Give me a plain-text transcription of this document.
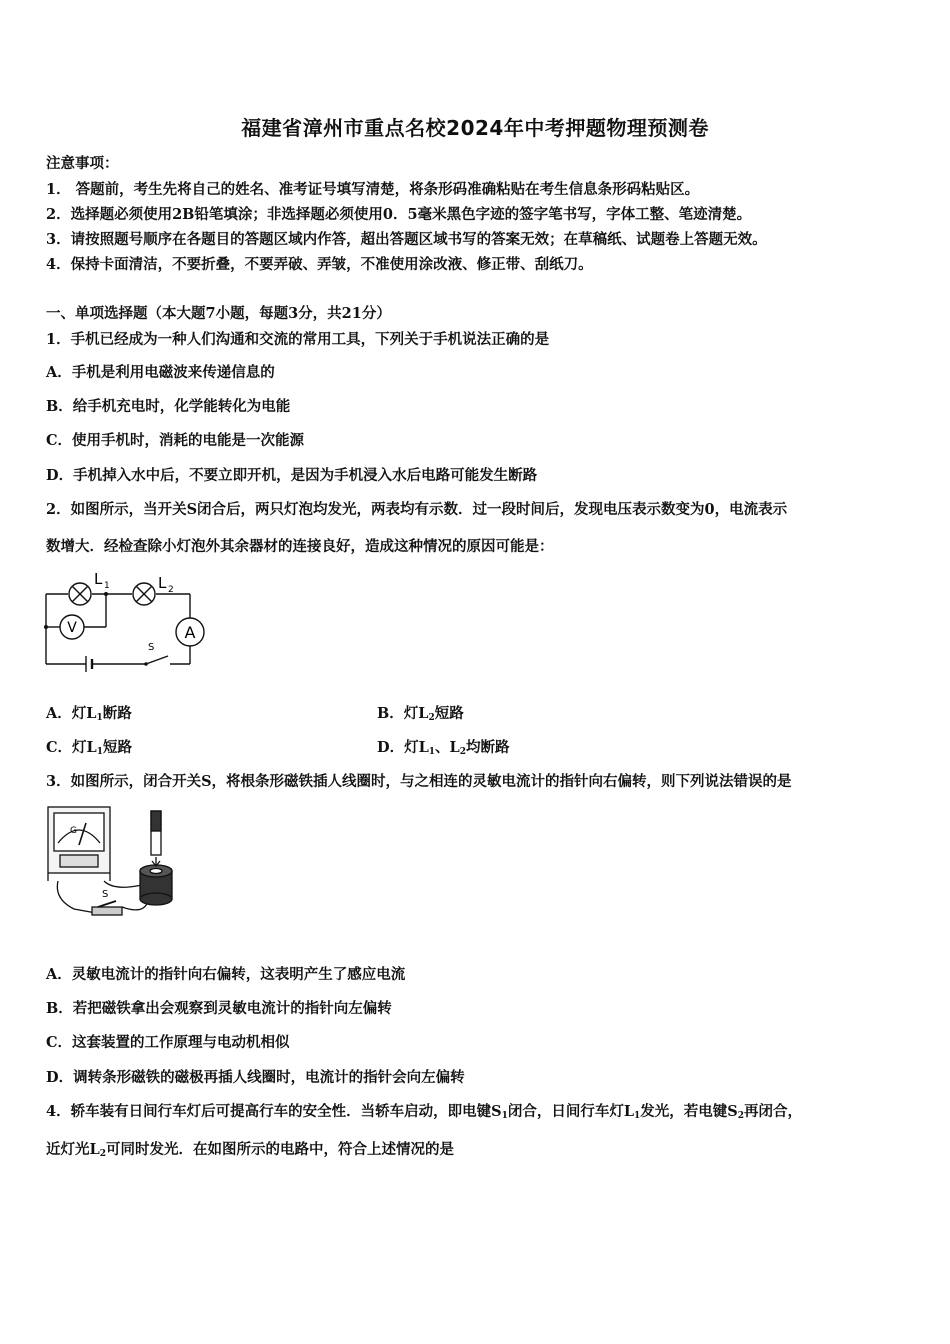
福建省漳州市重点名校2024年中考押题物理预测卷
注意事项：
1． 答题前，考生先将自己的姓名、准考证号填写清楚，将条形码准确粘贴在考生信息条形码粘贴区。
2．选择题必须使用2B铅笔填涂；非选择题必须使用0．5毫米黑色字迹的签字笔书写，字体工整、笔迹清楚。
3．请按照题号顺序在各题目的答题区域内作答，超出答题区域书写的答案无效；在草稿纸、试题卷上答题无效。
4．保持卡面清洁，不要折叠，不要弄破、弄皱，不准使用涂改液、修正带、刮纸刀。
一、单项选择题（本大题7小题，每题3分，共21分）
1．手机已经成为一种人们沟通和交流的常用工具，下列关于手机说法正确的是
A．手机是利用电磁波来传递信息的
B．给手机充电时，化学能转化为电能
C．使用手机时，消耗的电能是一次能源
D．手机掉入水中后，不要立即开机，是因为手机浸入水后电路可能发生断路
2．如图所示，当开关S闭合后，两只灯泡均发光，两表均有示数．过一段时间后，发现电压表示数变为0，电流表示
数增大．经检查除小灯泡外其余器材的连接良好，造成这种情况的原因可能是：
V	A
L 1	L 2
S
A．灯$L_1$断路	B．灯$L_2$短路
C．灯$L_1$短路	D．灯$L_1$、$L_2$均断路
3．如图所示，闭合开关S，将根条形磁铁插人线圈时，与之相连的灵敏电流计的指针向右偏转，则下列说法错误的是
G
S
A．灵敏电流计的指针向右偏转，这表明产生了感应电流
B．若把磁铁拿出会观察到灵敏电流计的指针向左偏转
C．这套装置的工作原理与电动机相似
D．调转条形磁铁的磁极再插人线圈时，电流计的指针会向左偏转
4．轿车装有日间行车灯后可提高行车的安全性．当轿车启动，即电键$S_1$闭合，日间行车灯$L_1$发光，若电键$S_2$再闭合，
近灯光$L_2$可同时发光．在如图所示的电路中，符合上述情况的是
